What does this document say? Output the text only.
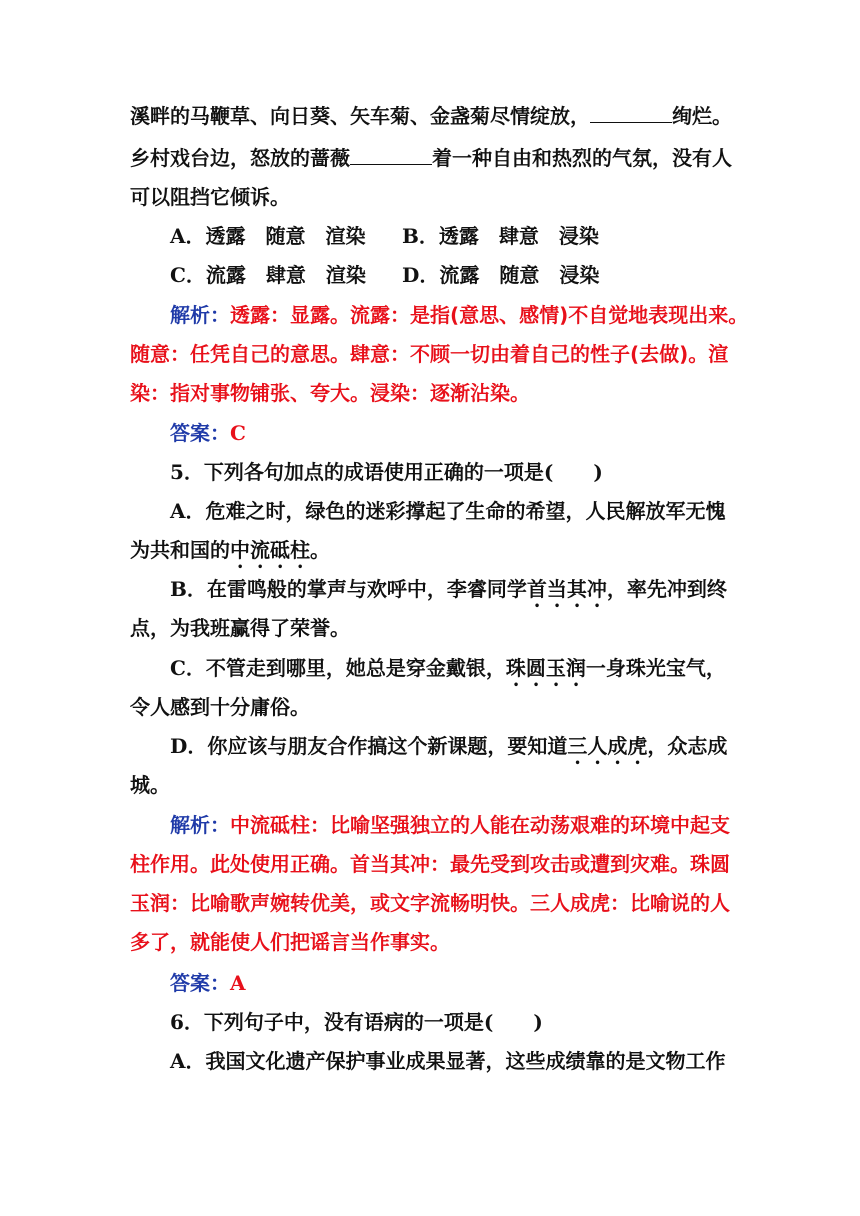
溪畔的马鞭草、向日葵、矢车菊、金盏菊尽情绽放，	绚烂。
乡村戏台边，怒放的蔷薇	着一种自由和热烈的气氛，没有人
可以阻挡它倾诉。
A．透露　随意　渲染 B．透露　肆意　浸染
C．流露　肆意　渲染 D．流露　随意　浸染
解析：透露：显露。流露：是指(意思、感情)不自觉地表现出来。
随意：任凭自己的意思。肆意：不顾一切由着自己的性子(去做)。渲
染：指对事物铺张、夸大。浸染：逐渐沾染。
答案：C
5．下列各句加点的成语使用正确的一项是(　　)
A．危难之时，绿色的迷彩撑起了生命的希望，人民解放军无愧
为共和国的中流砥柱。
B．在雷鸣般的掌声与欢呼中，李睿同学首当其冲，率先冲到终
点，为我班赢得了荣誉。
C．不管走到哪里，她总是穿金戴银，珠圆玉润一身珠光宝气，
令人感到十分庸俗。
D．你应该与朋友合作搞这个新课题，要知道三人成虎，众志成
城。
解析：中流砥柱：比喻坚强独立的人能在动荡艰难的环境中起支
柱作用。此处使用正确。首当其冲：最先受到攻击或遭到灾难。珠圆
玉润：比喻歌声婉转优美，或文字流畅明快。三人成虎：比喻说的人
多了，就能使人们把谣言当作事实。
答案：A
6．下列句子中，没有语病的一项是(　　)
A．我国文化遗产保护事业成果显著，这些成绩靠的是文物工作
